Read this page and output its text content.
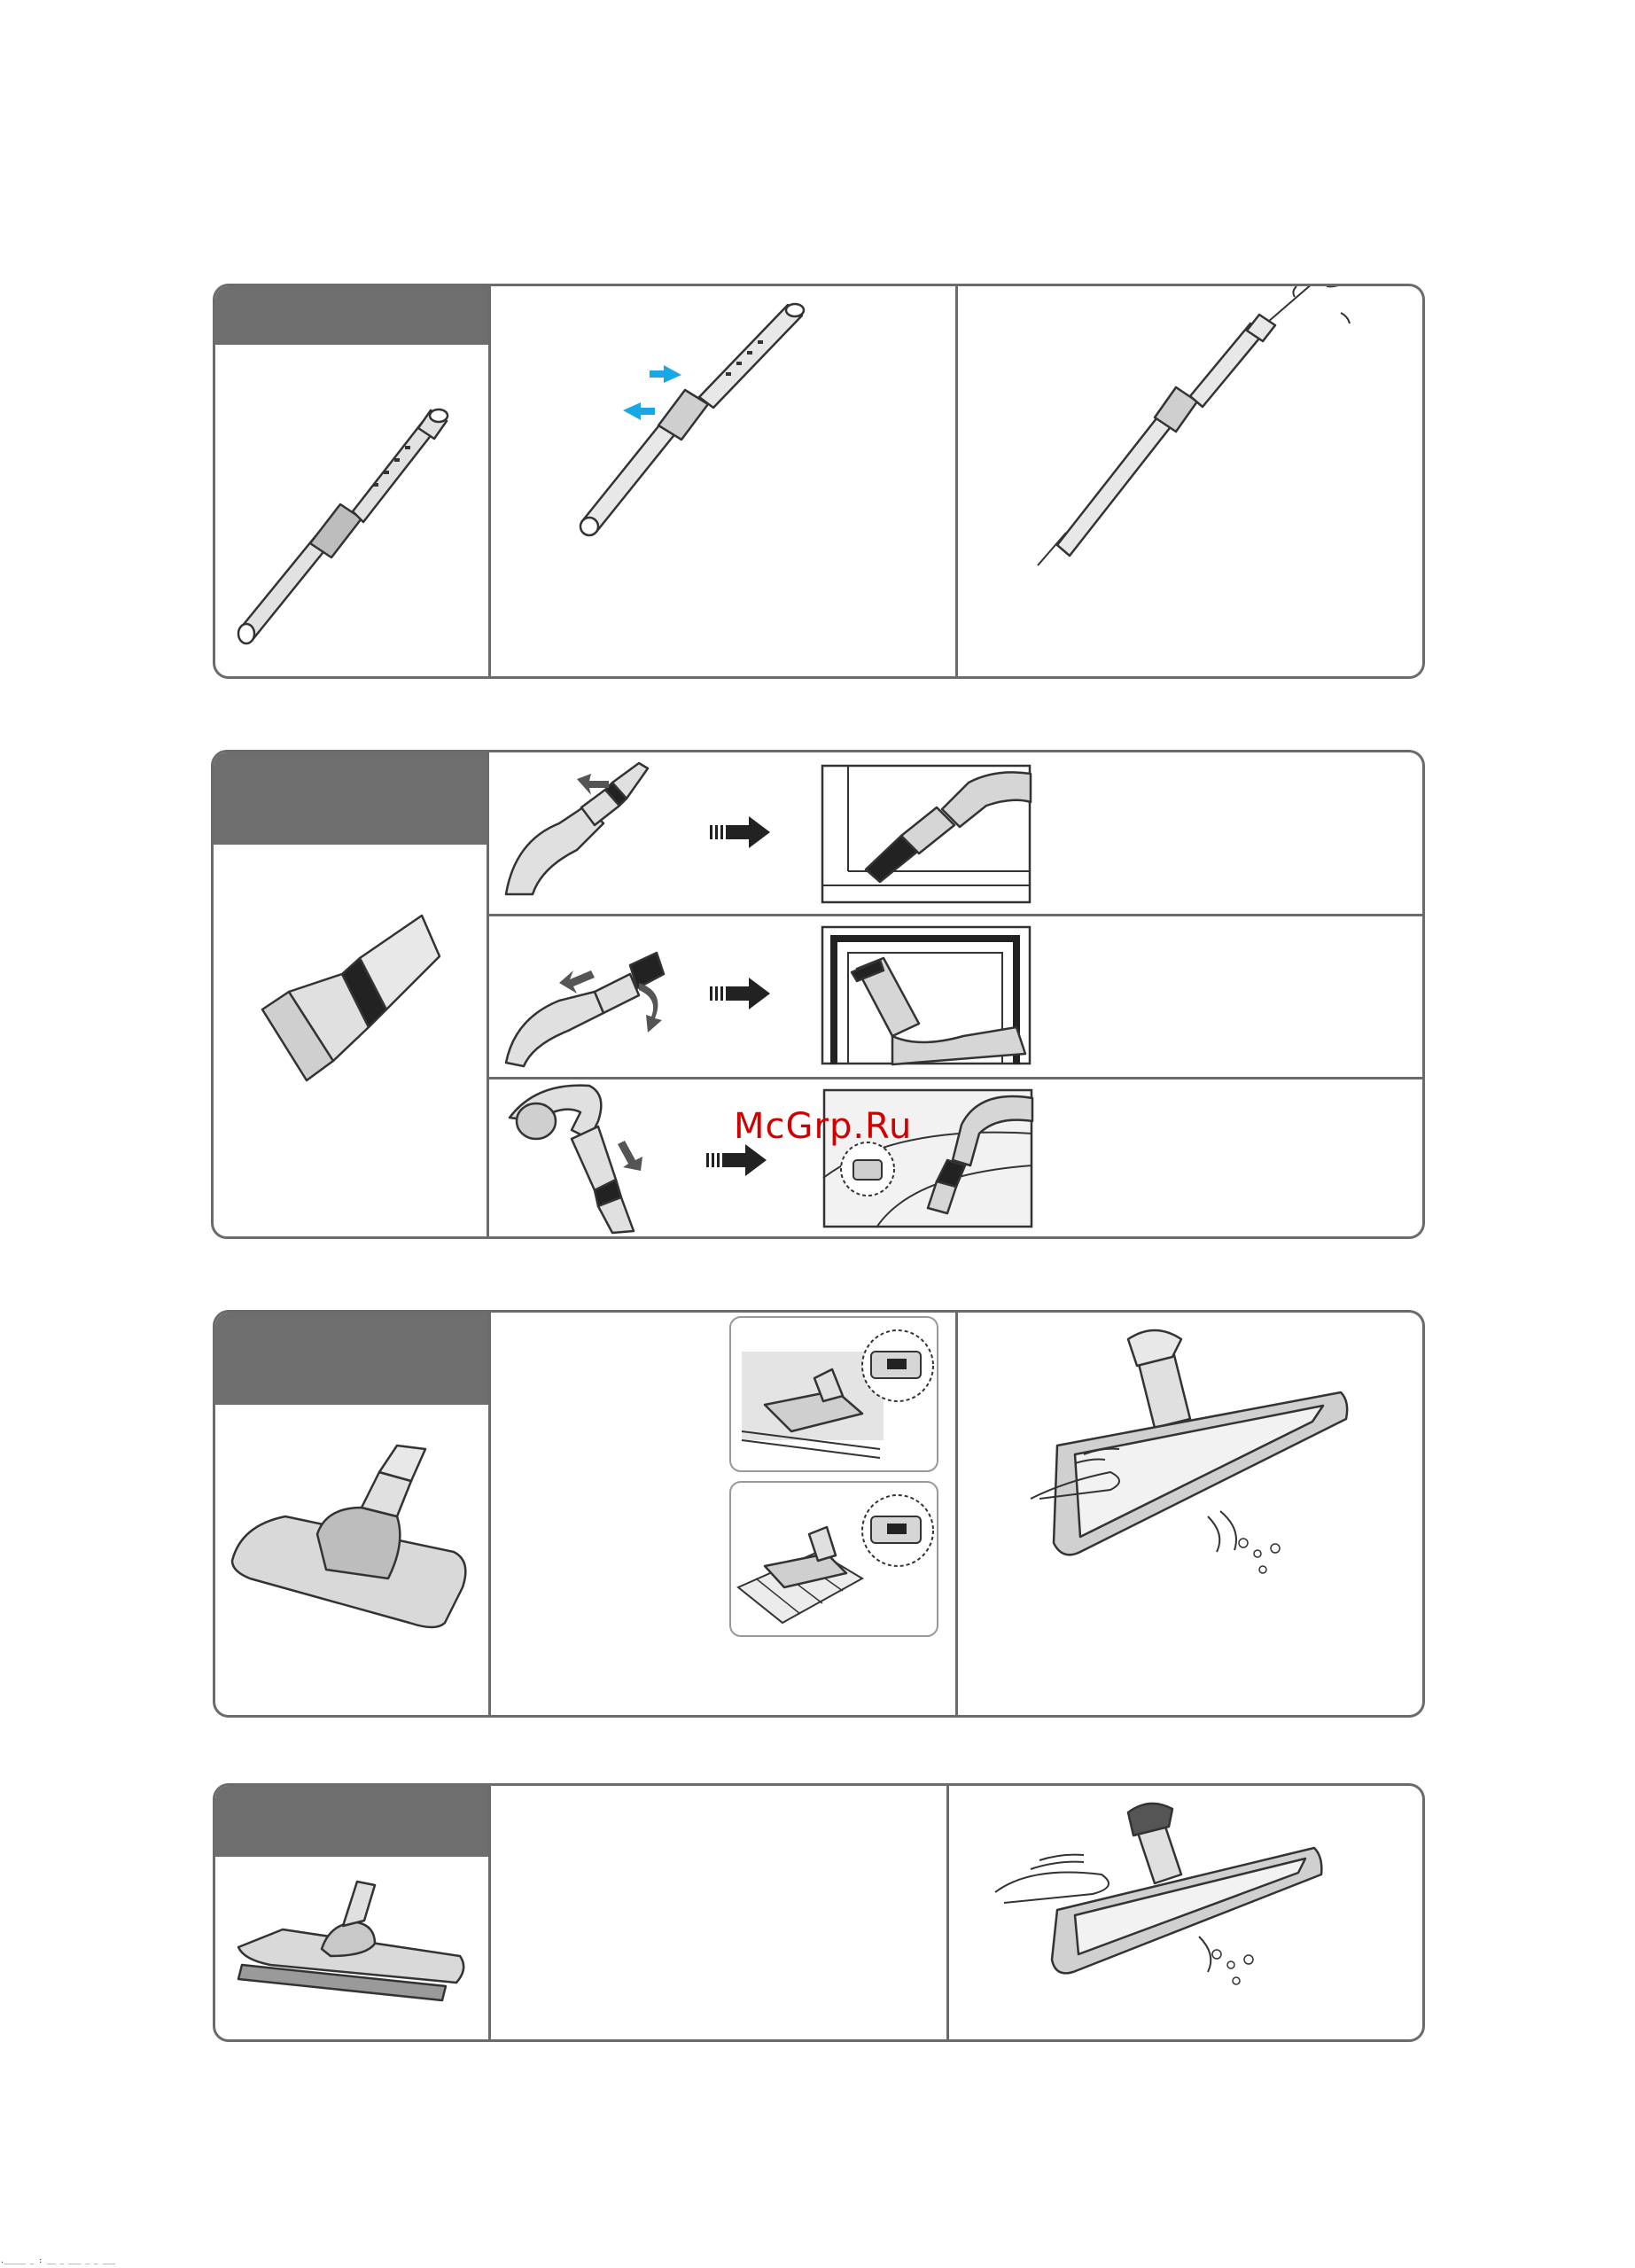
McGrp.Ru
._____ _ : __ _ ___ _ _ ___
